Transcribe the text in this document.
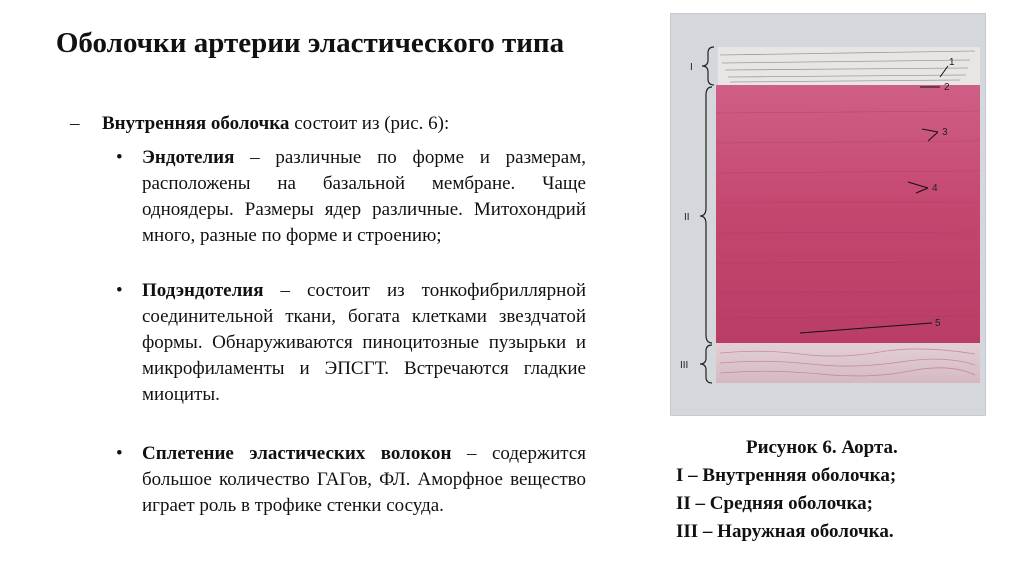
Оболочки артерии эластического типа
– Внутренняя оболочка состоит из (рис. 6):
• Эндотелия – различные по форме и размерам, расположены на базальной мембране. Чаще одноядеры. Размеры ядер различные. Митохондрий много, разные по форме и строению;
• Подэндотелия – состоит из тонкофибриллярной соединительной ткани, богата клетками звездчатой формы. Обнаруживаются пиноцитозные пузырьки и микрофиламенты и ЭПСГТ. Встречаются гладкие миоциты.
• Сплетение эластических волокон – содержится большое количество ГАГов, ФЛ. Аморфное вещество играет роль в трофике стенки сосуда.
I
II
III
1
2
3
4
5
Рисунок 6. Аорта.
I – Внутренняя оболочка;
II – Средняя оболочка;
III – Наружная оболочка.
